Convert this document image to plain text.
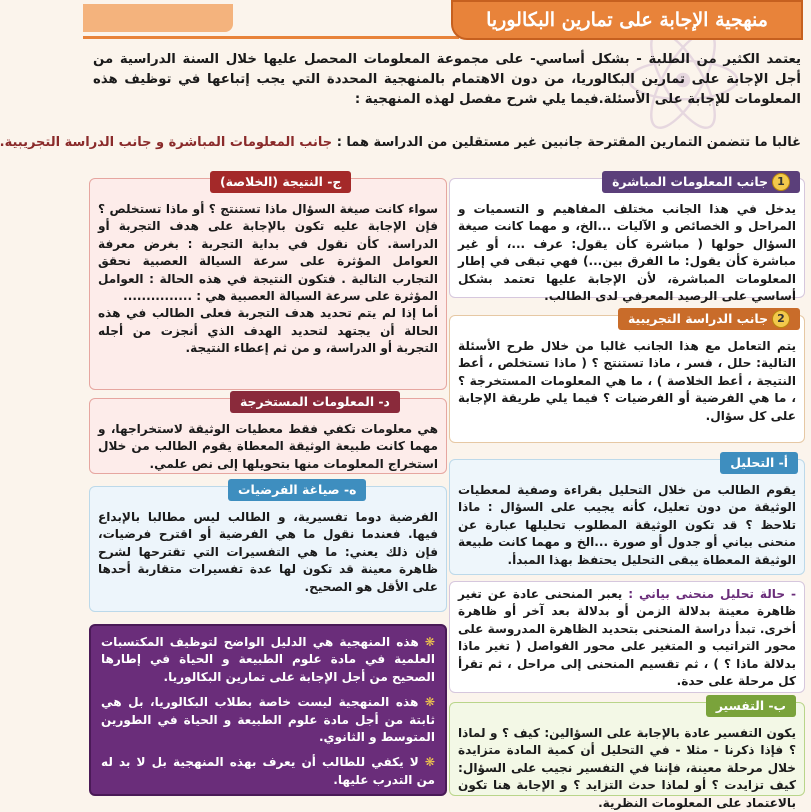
منهجية الإجابة على تمارين البكالوريا

يعتمد الكثير من الطلبة - بشكل أساسي- على مجموعة المعلومات المحصل عليها خلال السنة الدراسية من أجل الإجابة على تمارين البكالوريا، من دون الاهتمام بالمنهجية المحددة التي يجب إتباعها في توظيف هذه المعلومات للإجابة على الأسئلة.فيما يلي شرح مفصل لهذه المنهجية :

غالبا ما تتضمن التمارين المقترحة جانبين غير مستقلين من الدراسة هما : جانب المعلومات المباشرة و جانب الدراسة التجريبية.

1
جانب المعلومات المباشرة

يدخل في هذا الجانب مختلف المفاهيم و التسميات و المراحل و الخصائص و الآليات ...الخ، و مهما كانت صيغة السؤال حولها ( مباشرة كأن يقول: عرف ...، أو غير مباشرة كأن يقول: ما الفرق بين...) فهي تبقى في إطار المعلومات المباشرة، لأن الإجابة عليها تعتمد بشكل أساسي على الرصيد المعرفي لدى الطالب.

2
جانب الدراسة التجريبية

يتم التعامل مع هذا الجانب غالبا من خلال طرح الأسئلة التالية: حلل ، فسر ، ماذا تستنتج ؟ ( ماذا تستخلص ، أعط النتيجة ، أعط الخلاصة ) ، ما هي المعلومات المستخرجة ؟ ، ما هي الفرضية أو الفرضيات ؟ فيما يلي طريقة الإجابة على كل سؤال.

أ- التحليل

يقوم الطالب من خلال التحليل بقراءة وصفية لمعطيات الوثيقة من دون تعليل، كأنه يجيب على السؤال : ماذا تلاحظ ؟ قد تكون الوثيقة المطلوب تحليلها عبارة عن منحنى بياني أو جدول أو صورة ...الخ و مهما كانت طبيعة الوثيقة المعطاة يبقى التحليل يحتفظ بهذا المبدأ.

- حالة تحليل منحنى بياني : يعبر المنحنى عادة عن تغير ظاهرة معينة بدلالة الزمن أو بدلالة بعد آخر أو ظاهرة أخرى. تبدأ دراسة المنحنى بتحديد الظاهرة المدروسة على محور التراتيب و المتغير على محور الفواصل ( تغير ماذا بدلالة ماذا ؟ ) ، ثم تقسيم المنحنى إلى مراحل ، ثم تقرأ كل مرحلة على حدة.

ب- التفسير

يكون التفسير عادة بالإجابة على السؤالين: كيف ؟ و لماذا ؟ فإذا ذكرنا - مثلا - في التحليل أن كمية المادة متزايدة خلال مرحلة معينة، فإننا في التفسير نجيب على السؤال: كيف تزايدت ؟ أو لماذا حدث التزايد ؟ و الإجابة هنا تكون بالاعتماد على المعلومات النظرية.

ج- النتيجة (الخلاصة)

سواء كانت صيغة السؤال ماذا تستنتج ؟ أو ماذا تستخلص ؟ فإن الإجابة عليه تكون بالإجابة على هدف التجربة أو الدراسة. كأن نقول في بداية التجربة : بغرض معرفة العوامل المؤثرة على سرعة السيالة العصبية نحقق التجارب التالية . فتكون النتيجة في هذه الحالة : العوامل المؤثرة على سرعة السيالة العصبية هي : ...............

أما إذا لم يتم تحديد هدف التجربة فعلى الطالب في هذه الحالة أن يجتهد لتحديد الهدف الذي أنجزت من أجله التجربة أو الدراسة، و من ثم إعطاء النتيجة.

د- المعلومات المستخرجة

هي معلومات تكفي فقط معطيات الوثيقة لاستخراجها، و مهما كانت طبيعة الوثيقة المعطاة يقوم الطالب من خلال استخراج المعلومات منها بتحويلها إلى نص علمي.

ه- صياغة الفرضيات

الفرضية دوما تفسيرية، و الطالب ليس مطالبا بالإبداع فيها. فعندما نقول ما هي الفرضية أو اقترح فرضيات، فإن ذلك يعني: ما هي التفسيرات التي تقترحها لشرح ظاهرة معينة قد تكون لها عدة تفسيرات متقاربة أحدها على الأقل هو الصحيح.

❋ هذه المنهجية هي الدليل الواضح لتوظيف المكتسبات العلمية في مادة علوم الطبيعة و الحياة في إطارها الصحيح من أجل الإجابة على تمارين البكالوريا.

❋ هذه المنهجية ليست خاصة بطلاب البكالوريا، بل هي ثابتة من أجل مادة علوم الطبيعة و الحياة في الطورين المتوسط و الثانوي.

❋ لا يكفي للطالب أن يعرف بهذه المنهجية بل لا بد له من التدرب عليها.
